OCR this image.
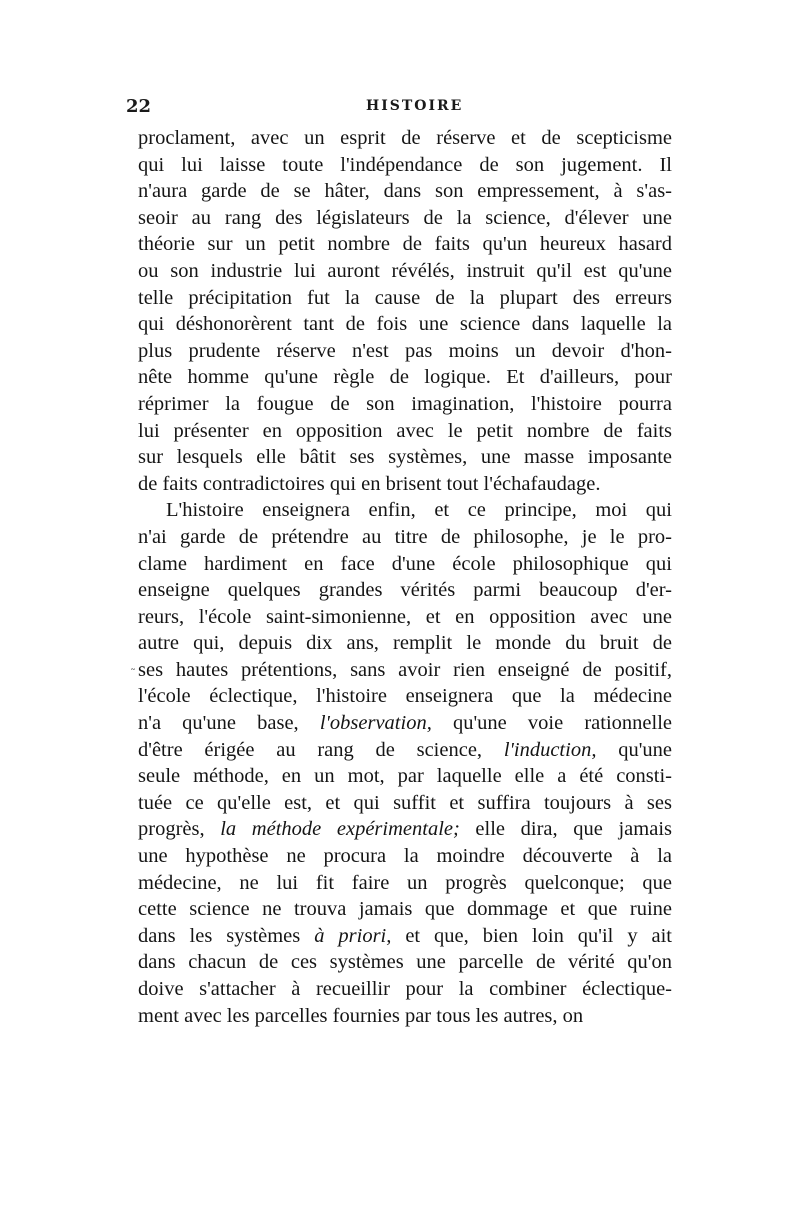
22	HISTOIRE
˜
proclament, avec un esprit de réserve et de scepticisme
qui lui laisse toute l'indépendance de son jugement. Il
n'aura garde de se hâter, dans son empressement, à s'as-
seoir au rang des législateurs de la science, d'élever une
théorie sur un petit nombre de faits qu'un heureux hasard
ou son industrie lui auront révélés, instruit qu'il est qu'une
telle précipitation fut la cause de la plupart des erreurs
qui déshonorèrent tant de fois une science dans laquelle la
plus prudente réserve n'est pas moins un devoir d'hon-
nête homme qu'une règle de logique. Et d'ailleurs, pour
réprimer la fougue de son imagination, l'histoire pourra
lui présenter en opposition avec le petit nombre de faits
sur lesquels elle bâtit ses systèmes, une masse imposante
de faits contradictoires qui en brisent tout l'échafaudage.
L'histoire enseignera enfin, et ce principe, moi qui
n'ai garde de prétendre au titre de philosophe, je le pro-
clame hardiment en face d'une école philosophique qui
enseigne quelques grandes vérités parmi beaucoup d'er-
reurs, l'école saint-simonienne, et en opposition avec une
autre qui, depuis dix ans, remplit le monde du bruit de
ses hautes prétentions, sans avoir rien enseigné de positif,
l'école éclectique, l'histoire enseignera que la médecine
n'a qu'une base, l'observation, qu'une voie rationnelle
d'être érigée au rang de science, l'induction, qu'une
seule méthode, en un mot, par laquelle elle a été consti-
tuée ce qu'elle est, et qui suffit et suffira toujours à ses
progrès, la méthode expérimentale; elle dira, que jamais
une hypothèse ne procura la moindre découverte à la
médecine, ne lui fit faire un progrès quelconque; que
cette science ne trouva jamais que dommage et que ruine
dans les systèmes à priori, et que, bien loin qu'il y ait
dans chacun de ces systèmes une parcelle de vérité qu'on
doive s'attacher à recueillir pour la combiner éclectique-
ment avec les parcelles fournies par tous les autres, on
